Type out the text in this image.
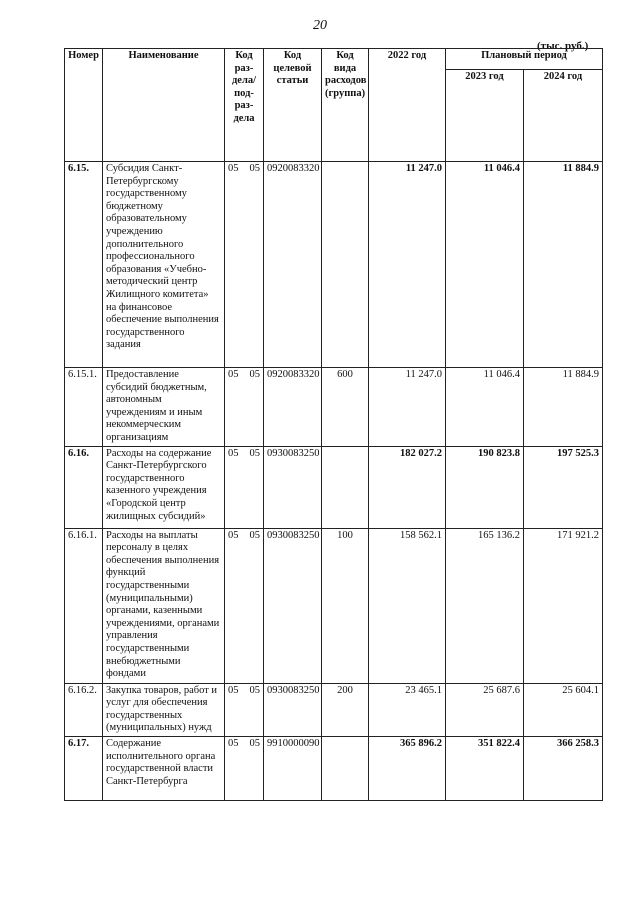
20
(тыс. руб.)
Номер	Наименование	Код раз-дела/под-раз-дела	Код целевой статьи	Код вида расходов (группа)	2022 год	Плановый период	
						2023 год	2024 год
6.15.	Субсидия Санкт-Петербургскому государственному бюджетному образовательному учреждению дополнительного профессионального образования «Учебно-методический центр Жилищного комитета» на финансовое обеспечение выполнения государственного задания	05 05	0920083320		11 247.0	11 046.4	11 884.9
6.15.1.	Предоставление субсидий бюджетным, автономным учреждениям и иным некоммерческим организациям	05 05	0920083320	600	11 247.0	11 046.4	11 884.9
6.16.	Расходы на содержание Санкт-Петербургского государственного казенного учреждения «Городской центр жилищных субсидий»	05 05	0930083250		182 027.2	190 823.8	197 525.3
6.16.1.	Расходы на выплаты персоналу в целях обеспечения выполнения функций государственными (муниципальными) органами, казенными учреждениями, органами управления государственными внебюджетными фондами	05 05	0930083250	100	158 562.1	165 136.2	171 921.2
6.16.2.	Закупка товаров, работ и услуг для обеспечения государственных (муниципальных) нужд	05 05	0930083250	200	23 465.1	25 687.6	25 604.1
6.17.	Содержание исполнительного органа государственной власти Санкт-Петербурга	05 05	9910000090		365 896.2	351 822.4	366 258.3
